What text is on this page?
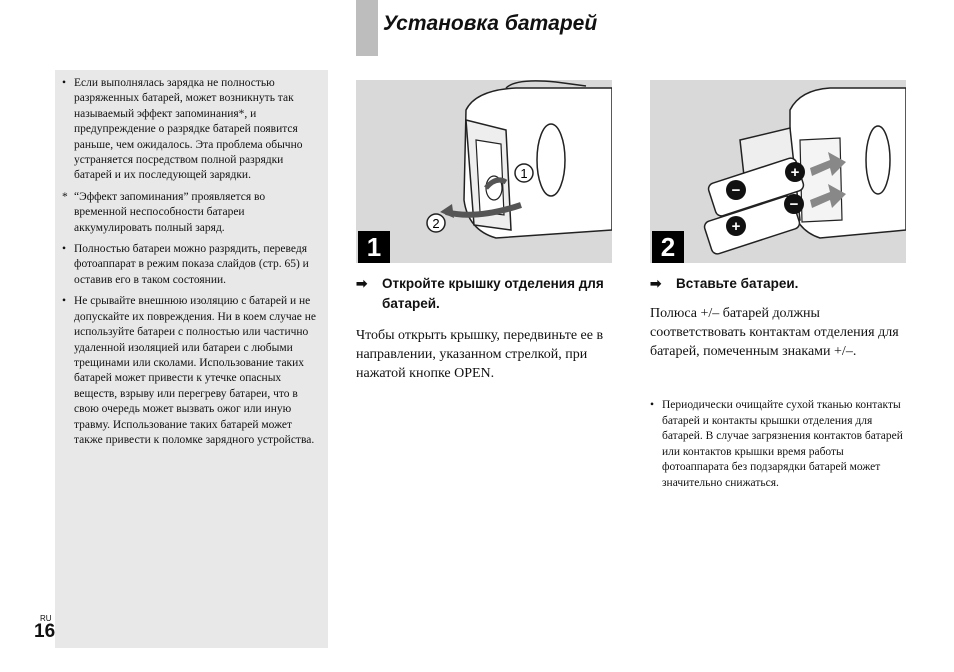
Установка батарей

• Если выполнялась зарядка не полностью разряженных батарей, может возникнуть так называемый эффект запоминания*, и предупреждение о разрядке батарей появится раньше, чем ожидалось. Эта проблема обычно устраняется посредством полной разрядки батарей и их последующей зарядки.

* “Эффект запоминания” проявляется во временной неспособности батареи аккумулировать полный заряд.

• Полностью батареи можно разрядить, переведя фотоаппарат в режим показа слайдов (стр. 65) и оставив его в таком состоянии.

• Не срывайте внешнюю изоляцию с батарей и не допускайте их повреждения. Ни в коем случае не используйте батареи с полностью или частично удаленной изоляцией или батареи с любыми трещинами или сколами. Использование таких батарей может привести к утечке опасных веществ, взрыву или перегреву батареи, что в свою очередь может вызвать ожог или иную травму. Использование таких батарей может также привести к поломке зарядного устройства.

1
2
1
+
−
−
+
2
➡ Откройте крышку отделения для батарей.
Чтобы открыть крышку, передвиньте ее в направлении, указанном стрелкой, при нажатой кнопке OPEN.
➡ Вставьте батареи.
Полюса +/– батарей должны соответствовать контактам отделения для батарей, помеченным знаками +/–.
• Периодически очищайте сухой тканью контакты батарей и контакты крышки отделения для батарей. В случае загрязнения контактов батарей или контактов крышки время работы фотоаппарата без подзарядки батарей может значительно снижаться.
RU
16
